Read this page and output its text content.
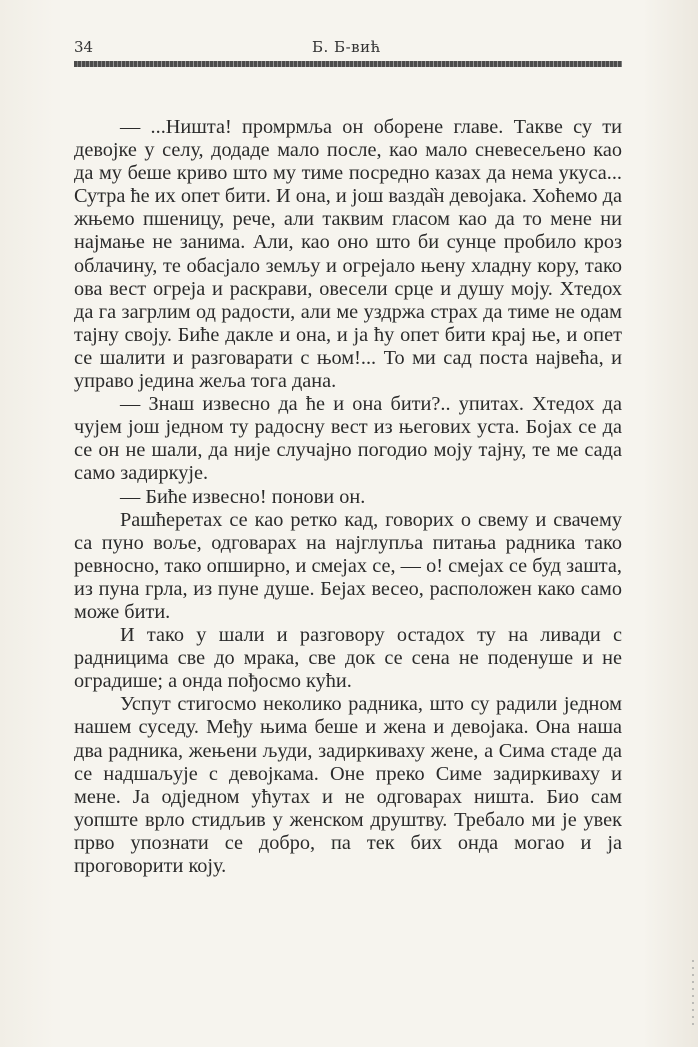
34	Б. Б-вић

— ...Ништа! промрмља он оборене главе. Такве су ти девојке у селу, додаде мало после, као мало сневесељено као да му беше криво што му тиме посредно казах да нема укуса... Сутра ће их опет бити. И она, и још вазда̏н девојака. Хоћемо да жњемо пшеницу, рече, али таквим гласом као да то мене ни најмање не занима. Али, као оно што би сунце пробило кроз облачину, те обасјало земљу и огрејало њену хладну кору, тако ова вест огреја и раскрави, овесели срце и душу моју. Хтедох да га загрлим од радости, али ме уздржа страх да тиме не одам тајну своју. Биће дакле и она, и ја ћу опет бити крај ње, и опет се шалити и разговарати с њом!... То ми сад поста највећа, и управо једина жеља тога дана.

— Знаш извесно да ће и она бити?.. упитах. Хтедох да чујем још једном ту радосну вест из његових уста. Бојах се да се он не шали, да није случајно погодио моју тајну, те ме сада само задиркује.

— Биће извесно! понови он.

Рашћеретах се као ретко кад, говорих о свему и свачему са пуно воље, одговарах на најглупља питања радника тако ревносно, тако опширно, и смејах се, — о! смејах се буд зашта, из пуна грла, из пуне душе. Бејах весео, расположен како само може бити.

И тако у шали и разговору остадох ту на ливади с радницима све до мрака, све док се сена не поденуше и не оградише; а онда пођосмо кући.

Успут стигосмо неколико радника, што су радили једном нашем суседу. Међу њима беше и жена и девојака. Она наша два радника, жењени људи, задиркиваху жене, а Сима стаде да се надшаљује с девојкама. Оне преко Симе задиркиваху и мене. Ја одједном ућутах и не одговарах ништа. Био сам уопште врло стидљив у женском друштву. Требало ми је увек прво упознати се добро, па тек бих онда могао и ја проговорити коју.
